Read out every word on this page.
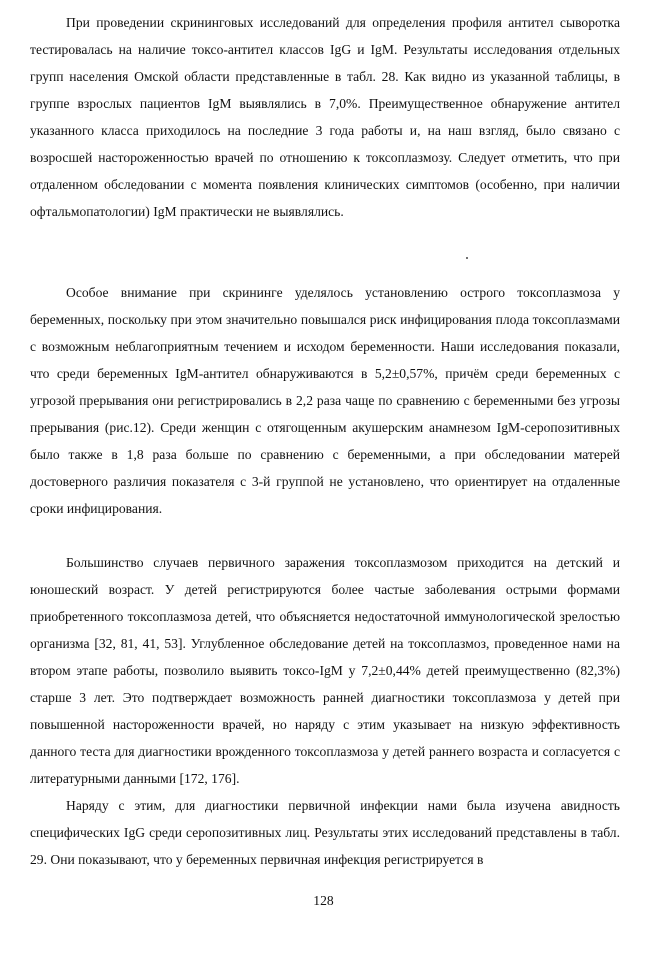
При проведении скрининговых исследований для определения профиля антител сыворотка тестировалась на наличие токсо-антител классов IgG и IgM. Результаты исследования отдельных групп населения Омской области представленные в табл. 28. Как видно из указанной таблицы, в группе взрослых пациентов IgM выявлялись в 7,0%. Преимущественное обнаружение антител указанного класса приходилось на последние 3 года работы и, на наш взгляд, было связано с возросшей настороженностью врачей по отношению к токсоплазмозу. Следует отметить, что при отдаленном обследовании с момента появления клинических симптомов (особенно, при наличии офтальмопатологии) IgM практически не выявлялись.

Особое внимание при скрининге уделялось установлению острого токсоплазмоза у беременных, поскольку при этом значительно повышался риск инфицирования плода токсоплазмами с возможным неблагоприятным течением и исходом беременности. Наши исследования показали, что среди беременных IgM-антител обнаруживаются в 5,2±0,57%, причём среди беременных с угрозой прерывания они регистрировались в 2,2 раза чаще по сравнению с беременными без угрозы прерывания (рис.12). Среди женщин с отягощенным акушерским анамнезом IgM-серопозитивных было также в 1,8 раза больше по сравнению с беременными, а при обследовании матерей достоверного различия показателя с 3-й группой не установлено, что ориентирует на отдаленные сроки инфицирования.

Большинство случаев первичного заражения токсоплазмозом приходится на детский и юношеский возраст. У детей регистрируются более частые заболевания острыми формами приобретенного токсоплазмоза детей, что объясняется недостаточной иммунологической зрелостью организма [32, 81, 41, 53]. Углубленное обследование детей на токсоплазмоз, проведенное нами на втором этапе работы, позволило выявить токсо-IgM у 7,2±0,44% детей преимущественно (82,3%) старше 3 лет. Это подтверждает возможность ранней диагностики токсоплазмоза у детей при повышенной настороженности врачей, но наряду с этим указывает на низкую эффективность данного теста для диагностики врожденного токсоплазмоза у детей раннего возраста и согласуется с литературными данными [172, 176].

Наряду с этим, для диагностики первичной инфекции нами была изучена авидность специфических IgG среди серопозитивных лиц. Результаты этих исследований представлены в табл. 29. Они показывают, что у беременных первичная инфекция регистрируется в

128
